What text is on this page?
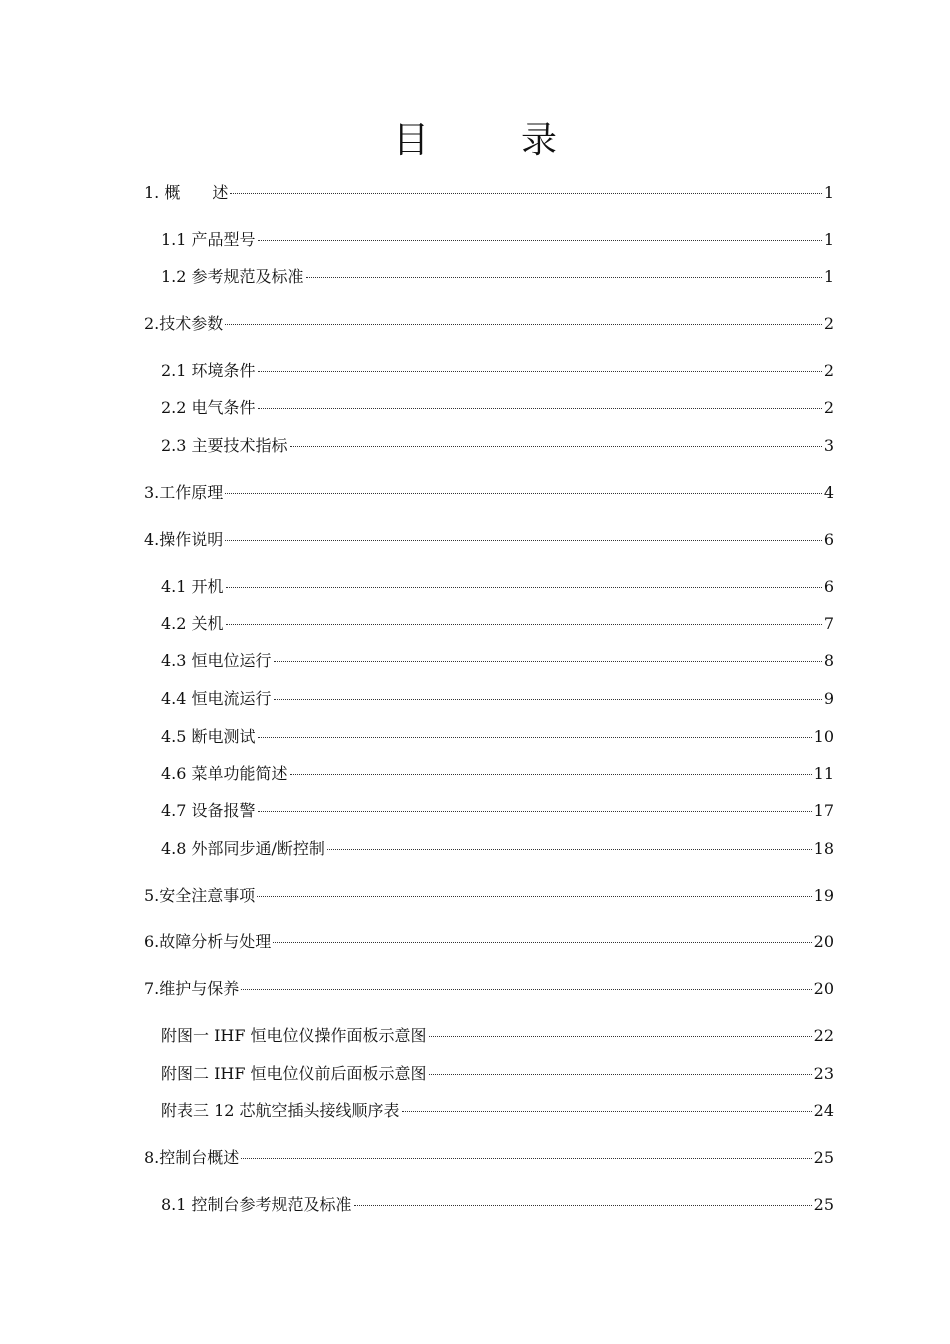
目　录
1. 概　　述	1
1.1 产品型号	1
1.2 参考规范及标准	1
2.技术参数	2
2.1 环境条件	2
2.2 电气条件	2
2.3 主要技术指标	3
3.工作原理	4
4.操作说明	6
4.1 开机	6
4.2 关机	7
4.3 恒电位运行	8
4.4 恒电流运行	9
4.5 断电测试	10
4.6 菜单功能简述	11
4.7 设备报警	17
4.8 外部同步通/断控制	18
5.安全注意事项	19
6.故障分析与处理	20
7.维护与保养	20
附图一 IHF 恒电位仪操作面板示意图	22
附图二 IHF 恒电位仪前后面板示意图	23
附表三 12 芯航空插头接线顺序表	24
8.控制台概述	25
8.1 控制台参考规范及标准	25
